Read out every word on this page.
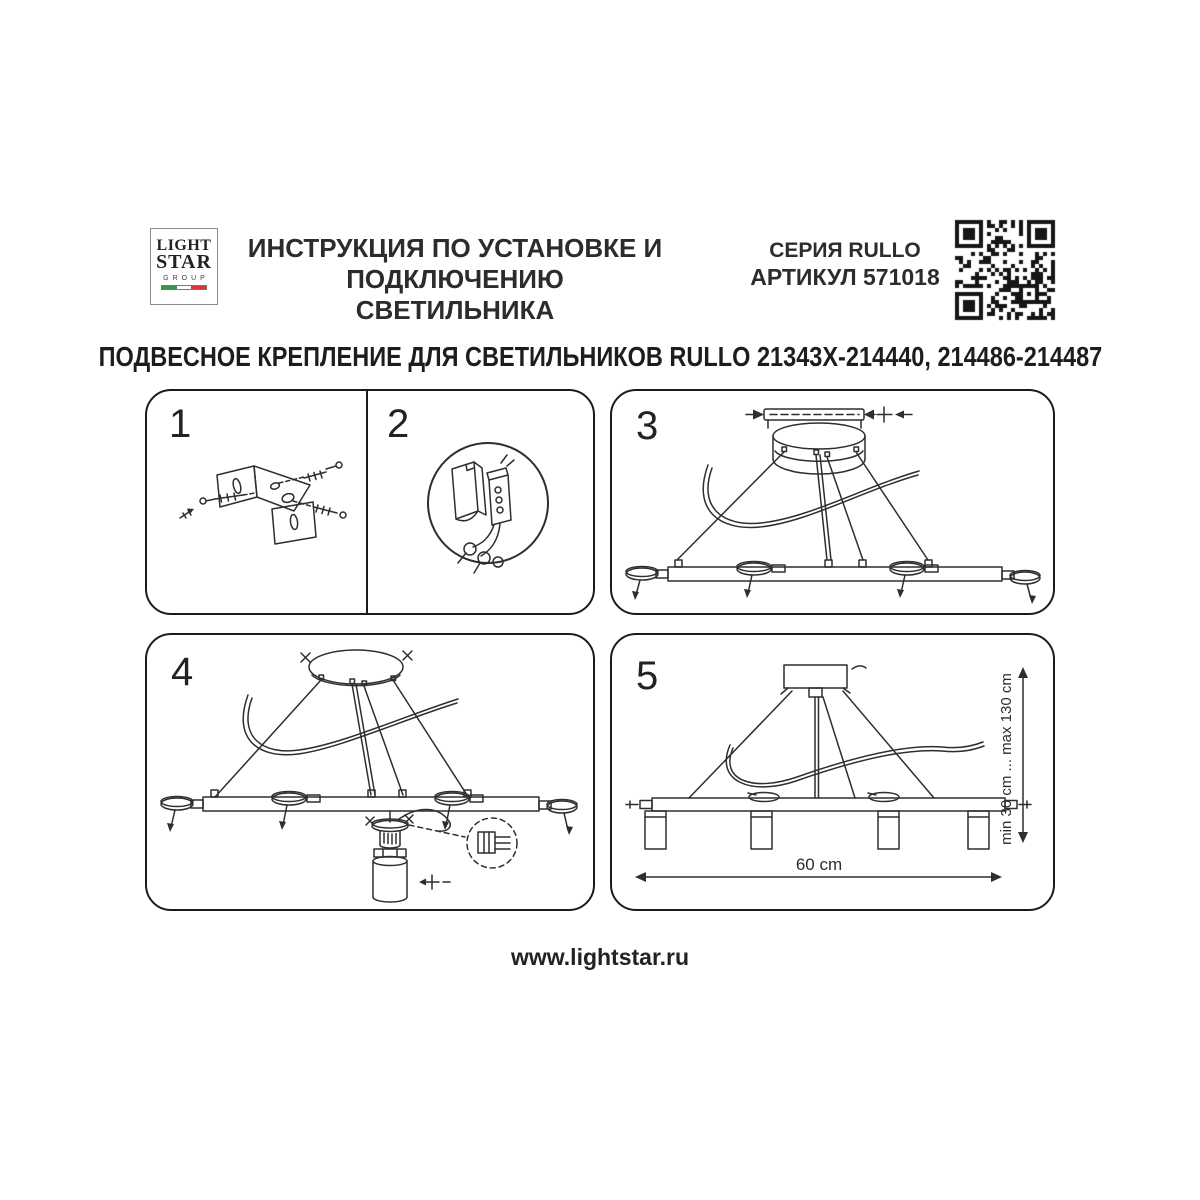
LIGHT
STAR
GROUP
ИНСТРУКЦИЯ ПО УСТАНОВКЕ И
ПОДКЛЮЧЕНИЮ СВЕТИЛЬНИКА
СЕРИЯ RULLO
АРТИКУЛ 571018
ПОДВЕСНОЕ КРЕПЛЕНИЕ ДЛЯ СВЕТИЛЬНИКОВ RULLO 21343X-214440, 214486-214487
1	2	3
4	5
60 cm
min 30 cm ... max 130 cm
www.lightstar.ru
